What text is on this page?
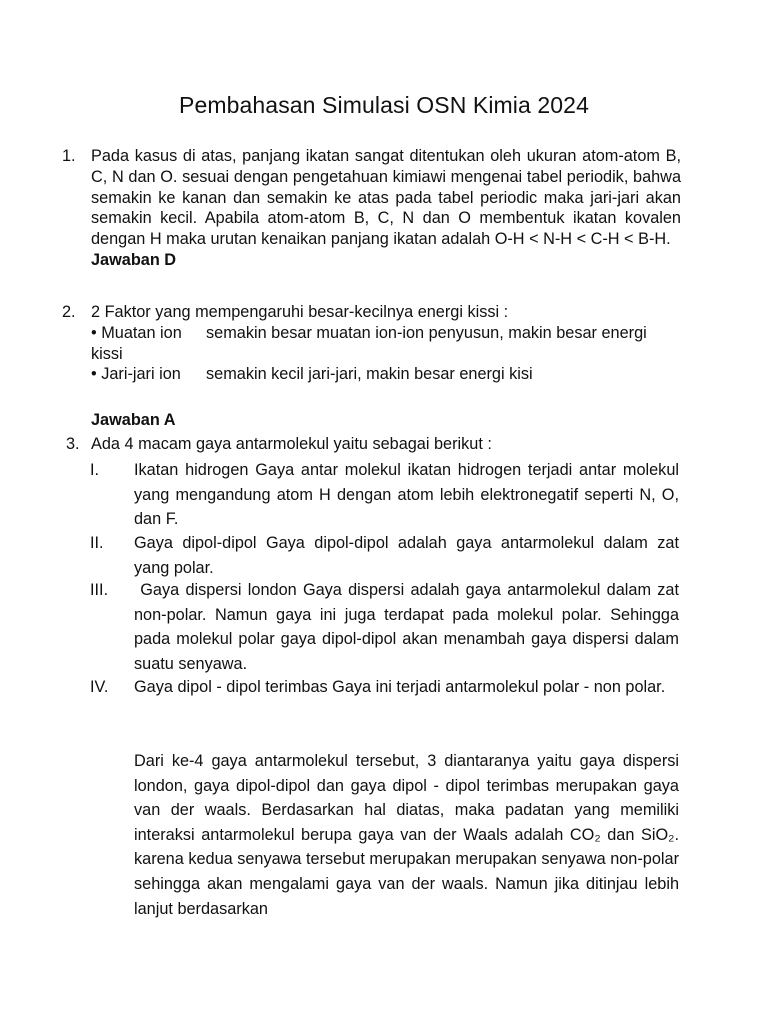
Pembahasan Simulasi OSN Kimia 2024
1. Pada kasus di atas, panjang ikatan sangat ditentukan oleh ukuran atom-atom B, C, N dan O. sesuai dengan pengetahuan kimiawi mengenai tabel periodik, bahwa semakin ke kanan dan semakin ke atas pada tabel periodic maka jari-jari akan semakin kecil. Apabila atom-atom B, C, N dan O membentuk ikatan kovalen dengan H maka urutan kenaikan panjang ikatan adalah O-H < N-H < C-H < B-H.
Jawaban D
2. 2 Faktor yang mempengaruhi besar-kecilnya energi kissi :
• Muatan ion semakin besar muatan ion-ion penyusun, makin besar energi
kissi
• Jari-jari ion semakin kecil jari-jari, makin besar energi kisi
Jawaban A
3. Ada 4 macam gaya antarmolekul yaitu sebagai berikut :
I. Ikatan hidrogen Gaya antar molekul ikatan hidrogen terjadi antar molekul yang mengandung atom H dengan atom lebih elektronegatif seperti N, O, dan F.
II. Gaya dipol-dipol Gaya dipol-dipol adalah gaya antarmolekul dalam zat yang polar.
III. Gaya dispersi london Gaya dispersi adalah gaya antarmolekul dalam zat non-polar. Namun gaya ini juga terdapat pada molekul polar. Sehingga pada molekul polar gaya dipol-dipol akan menambah gaya dispersi dalam suatu senyawa.
IV. Gaya dipol - dipol terimbas Gaya ini terjadi antarmolekul polar - non polar.
Dari ke-4 gaya antarmolekul tersebut, 3 diantaranya yaitu gaya dispersi london, gaya dipol-dipol dan gaya dipol - dipol terimbas merupakan gaya van der waals. Berdasarkan hal diatas, maka padatan yang memiliki interaksi antarmolekul berupa gaya van der Waals adalah CO₂ dan SiO₂. karena kedua senyawa tersebut merupakan merupakan senyawa non-polar sehingga akan mengalami gaya van der waals. Namun jika ditinjau lebih lanjut berdasarkan
